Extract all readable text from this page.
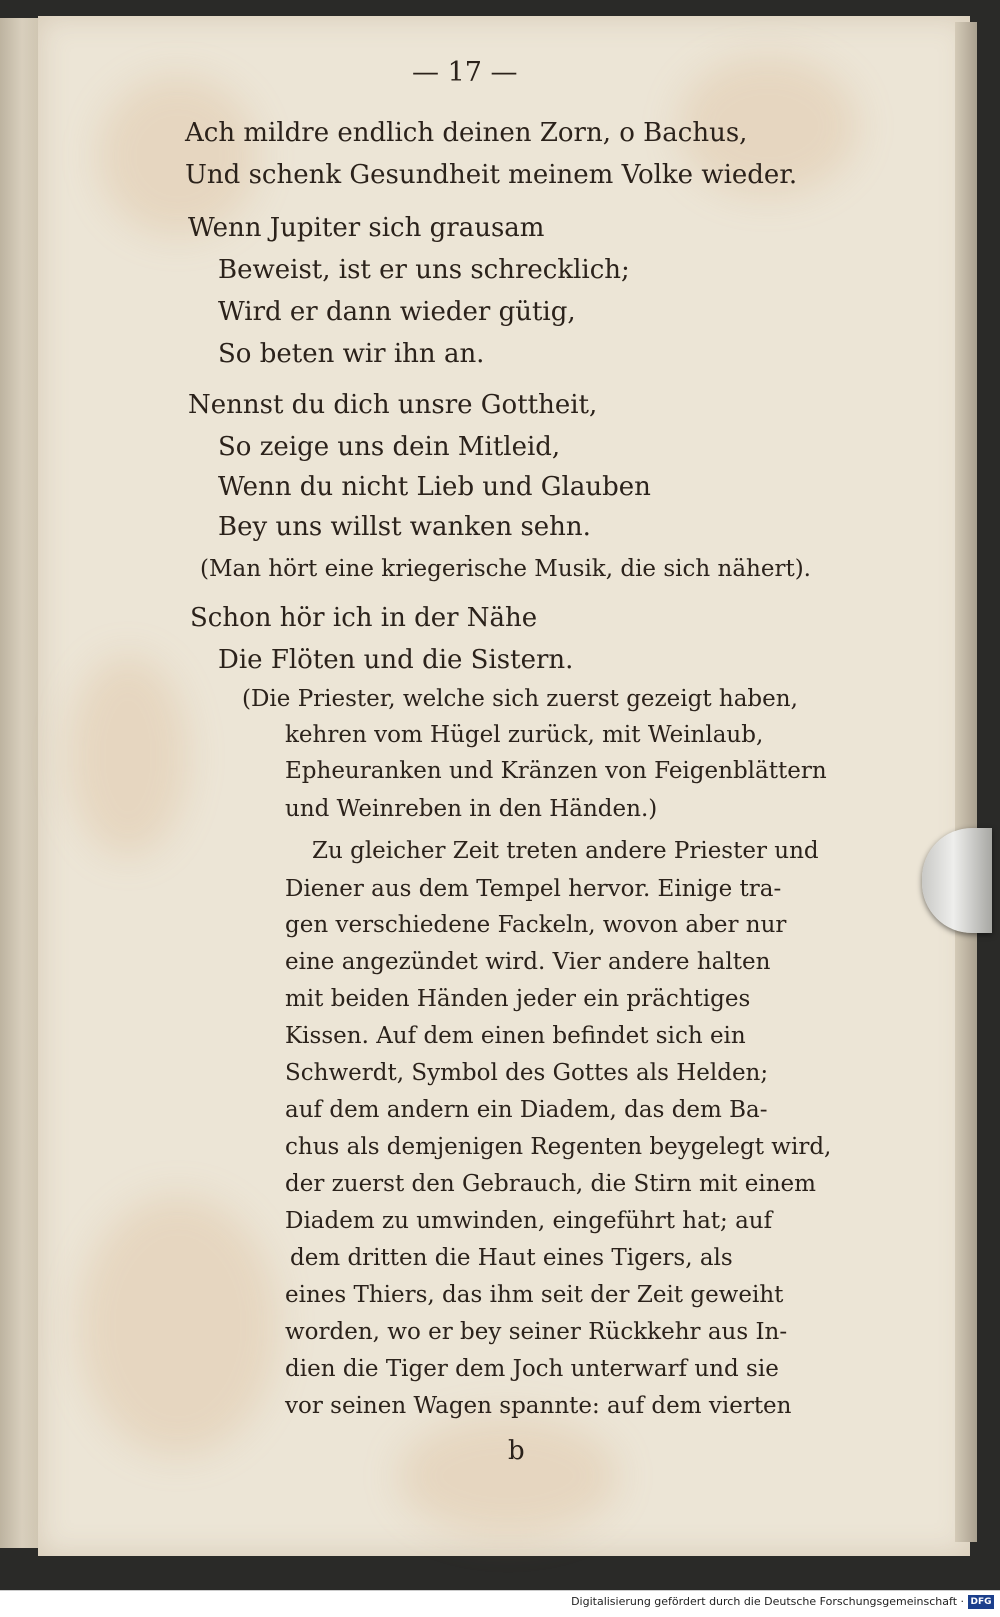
— 17 —
Ach mildre endlich deinen Zorn, o Bachus,
Und schenk Gesundheit meinem Volke wieder.
Wenn Jupiter sich grausam
Beweist, ist er uns schrecklich;
Wird er dann wieder gütig,
So beten wir ihn an.
Nennst du dich unsre Gottheit,
So zeige uns dein Mitleid,
Wenn du nicht Lieb und Glauben
Bey uns willst wanken sehn.
(Man hört eine kriegerische Musik, die sich nähert).
Schon hör ich in der Nähe
Die Flöten und die Sistern.
(Die Priester, welche sich zuerst gezeigt haben,
kehren vom Hügel zurück, mit Weinlaub,
Epheuranken und Kränzen von Feigenblättern
und Weinreben in den Händen.)
Zu gleicher Zeit treten andere Priester und
Diener aus dem Tempel hervor. Einige tra-
gen verschiedene Fackeln, wovon aber nur
eine angezündet wird. Vier andere halten
mit beiden Händen jeder ein prächtiges
Kissen. Auf dem einen befindet sich ein
Schwerdt, Symbol des Gottes als Helden;
auf dem andern ein Diadem, das dem Ba-
chus als demjenigen Regenten beygelegt wird,
der zuerst den Gebrauch, die Stirn mit einem
Diadem zu umwinden, eingeführt hat; auf
dem dritten die Haut eines Tigers, als
eines Thiers, das ihm seit der Zeit geweiht
worden, wo er bey seiner Rückkehr aus In-
dien die Tiger dem Joch unterwarf und sie
vor seinen Wagen spannte: auf dem vierten
b
Digitalisierung gefördert durch die Deutsche Forschungsgemeinschaft · DFG
